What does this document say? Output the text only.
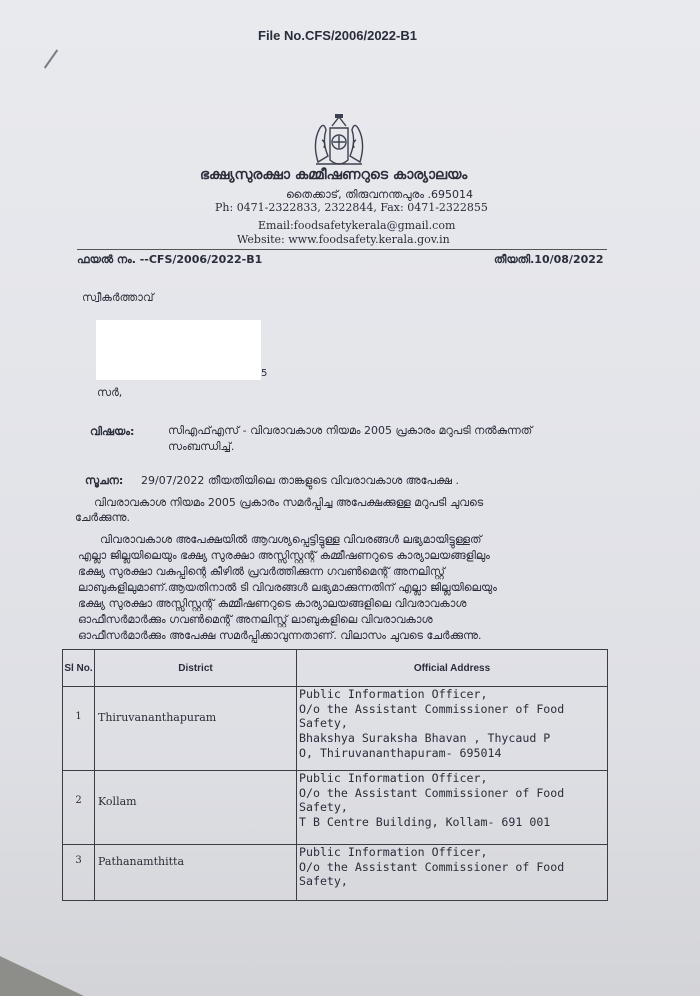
File No.CFS/2006/2022-B1
ഭക്ഷ്യസുരക്ഷാ കമ്മീഷണറുടെ കാര്യാലയം
തൈക്കാട്, തിരുവനന്തപുരം .695014
Ph: 0471-2322833, 2322844, Fax: 0471-2322855
Email:foodsafetykerala@gmail.com
Website: www.foodsafety.kerala.gov.in
ഫയൽ നം. --CFS/2006/2022-B1	തീയതി.10/08/2022
സ്വീകർത്താവ്
5
സർ,
വിഷയം:	സിഎഫ്എസ് - വിവരാവകാശ നിയമം 2005 പ്രകാരം മറുപടി നൽകുന്നത്
സംബന്ധിച്ച്.
സൂചന: 29/07/2022 തീയതിയിലെ താങ്കളുടെ വിവരാവകാശ അപേക്ഷ .
വിവരാവകാശ നിയമം 2005 പ്രകാരം സമർപ്പിച്ച അപേക്ഷക്കുള്ള മറുപടി ചുവടെ
ചേർക്കുന്നു.
വിവരാവകാശ അപേക്ഷയിൽ ആവശ്യപ്പെട്ടിട്ടുള്ള വിവരങ്ങൾ ലഭ്യമായിട്ടുള്ളത്
എല്ലാ ജില്ലയിലെയും ഭക്ഷ്യ സുരക്ഷാ അസ്സിസ്റ്റന്റ് കമ്മീഷണറുടെ കാര്യാലയങ്ങളിലും
ഭക്ഷ്യ സുരക്ഷാ വകുപ്പിന്റെ കീഴിൽ പ്രവർത്തിക്കുന്ന ഗവൺമെന്റ് അനലിസ്റ്റ്
ലാബുകളിലുമാണ്.ആയതിനാൽ ടി വിവരങ്ങൾ ലഭ്യമാക്കുന്നതിന് എല്ലാ ജില്ലയിലെയും
ഭക്ഷ്യ സുരക്ഷാ അസ്സിസ്റ്റന്റ് കമ്മീഷണറുടെ കാര്യാലയങ്ങളിലെ വിവരാവകാശ
ഓഫീസർമാർക്കും ഗവൺമെന്റ് അനലിസ്റ്റ് ലാബുകളിലെ വിവരാവകാശ
ഓഫീസർമാർക്കും അപേക്ഷ സമർപ്പിക്കാവുന്നതാണ്. വിലാസം ചുവടെ ചേർക്കുന്നു.
Sl No.	District	Official Address
1	Thiruvananthapuram	Public Information Officer,
O/o the Assistant Commissioner of Food
Safety,
Bhakshya Suraksha Bhavan , Thycaud P
O, Thiruvananthapuram- 695014

2	Kollam	Public Information Officer,
O/o the Assistant Commissioner of Food
Safety,
T B Centre Building, Kollam- 691 001

3	Pathanamthitta	Public Information Officer,
O/o the Assistant Commissioner of Food
Safety,
